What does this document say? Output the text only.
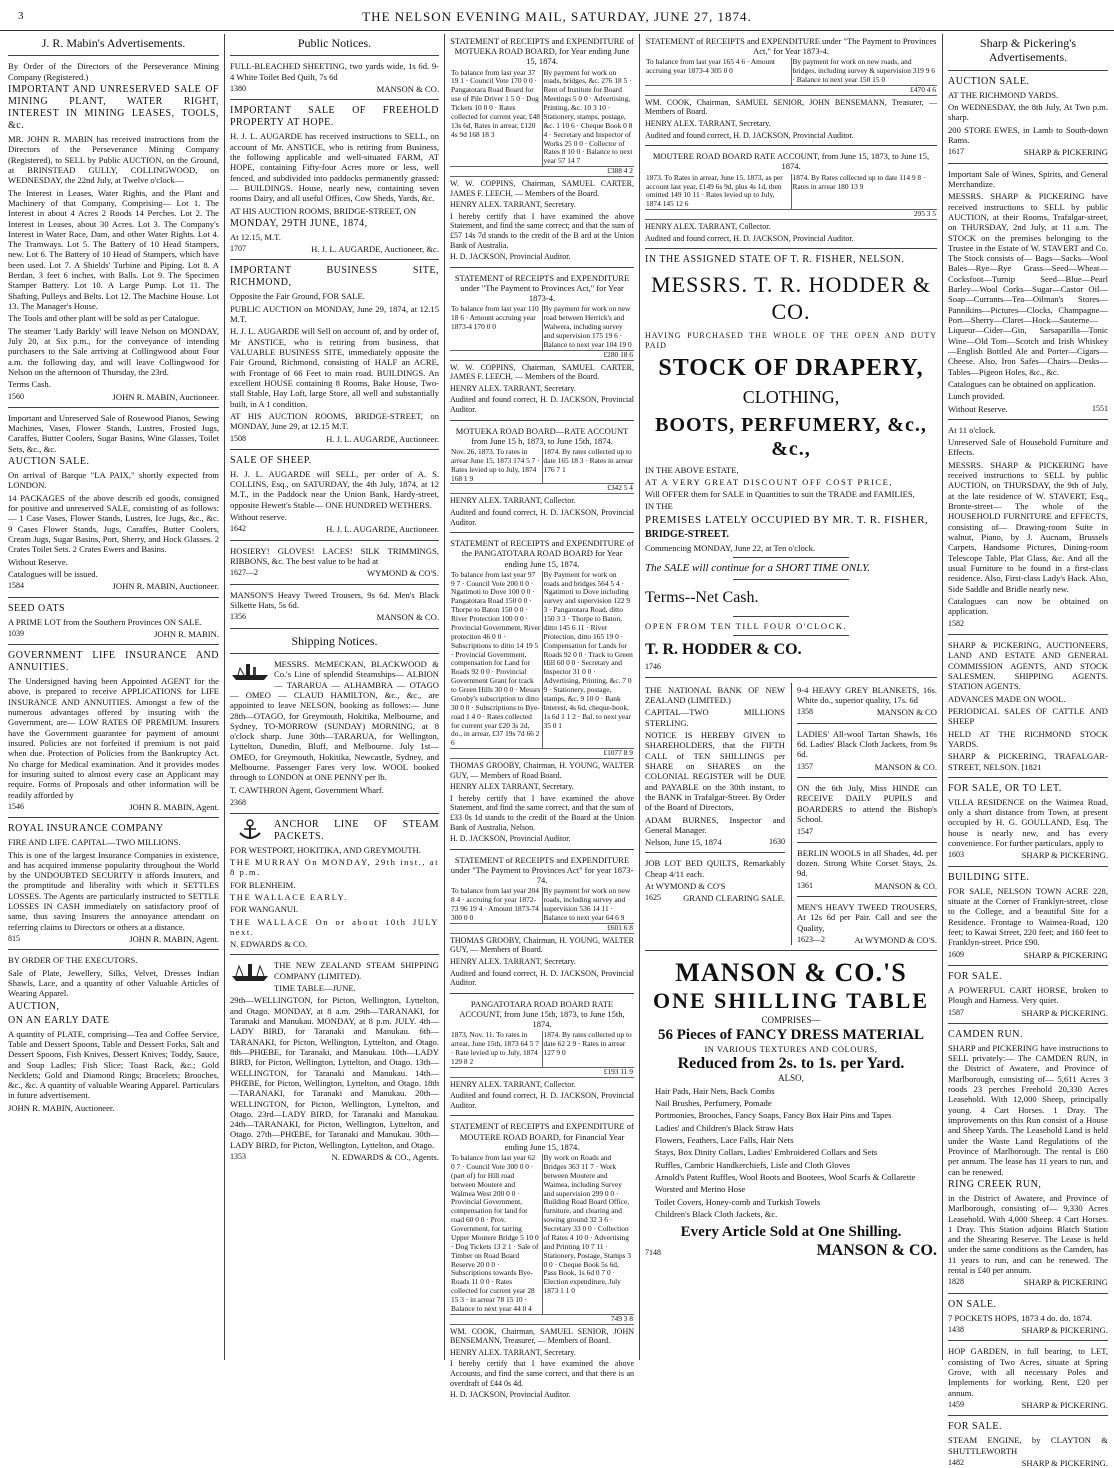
3	THE NELSON EVENING MAIL, SATURDAY, JUNE 27, 1874.
J. R. Mabin's Advertisements.

By Order of the Directors of the Perseverance Mining Company (Registered.)

IMPORTANT AND UNRESERVED SALE OF MINING PLANT, WATER RIGHT, INTEREST IN MINING LEASES, TOOLS, &c.

MR. JOHN R. MABIN has received instructions from the Directors of the Perseverance Mining Company (Registered), to SELL by Public AUCTION, on the Ground, at BRINSTEAD GULLY, COLLINGWOOD, on WEDNESDAY, the 22nd July, at Twelve o'clock—

The Interest in Leases, Water Rights, and the Plant and Machinery of that Company, Comprising— Lot 1. The Interest in about 4 Acres 2 Roods 14 Perches. Lot 2. The Interest in Leases, about 30 Acres. Lot 3. The Company's Interest in Water Race, Dam, and other Water Rights. Lot 4. The Tramways. Lot 5. The Battery of 10 Head Stampers, new. Lot 6. The Battery of 10 Head of Stampers, which have been used. Lot 7. A Shields' Turbine and Piping. Lot 8. A Berdan, 3 feet 6 inches, with Balls. Lot 9. The Specimen Stamper Battery. Lot 10. A Large Pump. Lot 11. The Shafting, Pulleys and Belts. Lot 12. The Machine House. Lot 13. The Manager's House.

The Tools and other plant will be sold as per Catalogue.

The steamer 'Lady Barkly' will leave Nelson on MONDAY, July 20, at Six p.m., for the conveyance of intending purchasers to the Sale arriving at Collingwood about Four a.m. the following day, and will leave Collingwood for Nelson on the afternoon of Thursday, the 23rd.

Terms Cash.

1560	JOHN R. MABIN, Auctioneer.

Important and Unreserved Sale of Rosewood Pianos, Sewing Machines, Vases, Flower Stands, Lustres, Frosted Jugs, Caraffes, Butter Coolers, Sugar Basins, Wine Glasses, Toilet Sets, &c., &c.

AUCTION SALE.

On arrival of Barque "LA PAIX," shortly expected from LONDON.

14 PACKAGES of the above describ ed goods, consigned for positive and unreserved SALE, consisting of as follows:— 1 Case Vases, Flower Stands, Lustres, Ice Jugs, &c., &c. 9 Cases Flower Stands, Jugs, Caraffes, Butter Coolers, Cream Jugs, Sugar Basins, Port, Sherry, and Hock Glasses. 2 Crates Toilet Sets. 2 Crates Ewers and Basins.

Without Reserve.

Catalogues will be issued.

1584	JOHN R. MABIN, Auctioneer.

SEED OATS

A PRIME LOT from the Southern Provinces ON SALE.

1039	JOHN R. MABIN.

GOVERNMENT LIFE INSURANCE AND ANNUITIES.

The Undersigned having been Appointed AGENT for the above, is prepared to receive APPLICATIONS for LIFE INSURANCE AND ANNUITIES. Amongst a few of the numerous advantages offered by insuring with the Government, are— LOW RATES OF PREMIUM. Insurers have the Government guarantee for payment of amount insured. Policies are not forfeited if premium is not paid when due. Protection of Policies from the Bankruptcy Act. No charge for Medical examination. And it provides modes for insuring suited to almost every case an Applicant may require. Forms of Proposals and other information will be readily afforded by

1546	JOHN R. MABIN, Agent.

ROYAL INSURANCE COMPANY

FIRE AND LIFE. CAPITAL—TWO MILLIONS.

This is one of the largest Insurance Companies in existence, and has acquired immense popularity throughout the World by the UNDOUBTED SECURITY it affords Insurers, and the promptitude and liberality with which it SETTLES LOSSES. The Agents are particularly instructed to SETTLE LOSSES IN CASH immediately on satisfactory proof of same, thus saving Insurers the annoyance attendant on referring claims to Directors or others at a distance.

815	JOHN R. MABIN, Agent.

BY ORDER OF THE EXECUTORS.

Sale of Plate, Jewellery, Silks, Velvet, Dresses Indian Shawls, Lace, and a quantity of other Valuable Articles of Wearing Apparel.

AUCTION,

ON AN EARLY DATE

A quantity of PLATE, comprising—Tea and Coffee Service, Table and Dessert Spoons, Table and Dessert Forks, Salt and Dessert Spoons, Fish Knives, Dessert Knives; Toddy, Sauce, and Soup Ladles; Fish Slice; Toast Rack, &c.; Gold Necklets; Gold and Diamond Rings; Bracelets; Brooches, &c., &c. A quantity of valuable Wearing Apparel. Particulars in future advertisement.

JOHN R. MABIN, Auctioneer.

Public Notices.

FULL-BLEACHED SHEETING, two yards wide, 1s 6d. 9-4 White Toilet Bed Quilt, 7s 6d

1380	MANSON & CO.

IMPORTANT SALE OF FREEHOLD PROPERTY AT HOPE.

H. J. L. AUGARDE has received instructions to SELL, on account of Mr. ANSTICE, who is retiring from Business, the following applicable and well-situated FARM, AT HOPE, containing Fifty-four Acres more or less, well fenced, and subdivided into paddocks permanently grassed:— BUILDINGS. House, nearly new, containing seven rooms Dairy, and all useful Offices, Cow Sheds, Yards, &c.

AT HIS AUCTION ROOMS, BRIDGE-STREET, ON

MONDAY, 29TH JUNE, 1874,

At 12.15, M.T.

1707	H. J. L. AUGARDE, Auctioneer, &c.

IMPORTANT BUSINESS SITE, RICHMOND,

Opposite the Fair Ground, FOR SALE.

PUBLIC AUCTION on MONDAY, June 29, 1874, at 12.15 M.T.

H. J. L. AUGARDE will Sell on account of, and by order of, Mr ANSTICE, who is retiring from business, that VALUABLE BUSINESS SITE, immediately opposite the Fair Ground, Richmond, consisting of HALF an ACRE, with Frontage of 66 Feet to main road. BUILDINGS. An excellent HOUSE containing 8 Rooms, Bake House, Two-stall Stable, Hay Loft, large Store, all well and substantially built, in A 1 condition.

AT HIS AUCTION ROOMS, BRIDGE-STREET, on MONDAY, June 29, at 12.15 M.T.

1508	H. J. L. AUGARDE, Auctioneer.

SALE OF SHEEP.

H. J. L. AUGARDE will SELL, per order of A. S. COLLINS, Esq., on SATURDAY, the 4th July, 1874, at 12 M.T., in the Paddock near the Union Bank, Hardy-street, opposite Hewett's Stable— ONE HUNDRED WETHERS.

Without reserve.

1642	H. J. L. AUGARDE, Auctioneer.

HOSIERY! GLOVES! LACES! SILK TRIMMINGS, RIBBONS, &c. The best value to be had at

1627—2	WYMOND & CO'S.

MANSON'S Heavy Tweed Trousers, 9s 6d. Men's Black Silkette Hats, 5s 6d.

1356	MANSON & CO.
Shipping Notices.

MESSRS. McMECKAN, BLACKWOOD & Co.'s Line of splendid Steamships— ALBION — TARARUA — ALHAMBRA — OTAGO — OMEO — CLAUD HAMILTON, &c., &c., are appointed to leave NELSON, booking as follows:— June 28th—OTAGO, for Greymouth, Hokitika, Melbourne, and Sydney, TO-MORROW (SUNDAY) MORNING, at 8 o'clock sharp. June 30th—TARARUA, for Wellington, Lyttelton, Dunedin, Bluff, and Melbourne. July 1st—OMEO, for Greymouth, Hokitika, Newcastle, Sydney, and Melbourne. Passenger Fares very low. WOOL booked through to LONDON at ONE PENNY per lb.

T. CAWTHRON Agent, Government Wharf.

2368

ANCHOR LINE OF STEAM PACKETS.

FOR WESTPORT, HOKITIKA, AND GREYMOUTH.

THE MURRAY On MONDAY, 29th inst., at 8 p.m.

FOR BLENHEIM.

THE WALLACE EARLY.

FOR WANGANUI.

THE WALLACE On or about 10th JULY next.

N. EDWARDS & CO.

THE NEW ZEALAND STEAM SHIPPING COMPANY (LIMITED).

TIME TABLE—JUNE.

29th—WELLINGTON, for Picton, Wellington, Lyttelton, and Otago. MONDAY, at 8 a.m. 29th—TARANAKI, for Taranaki and Manukau. MONDAY, at 8 p.m. JULY. 4th—LADY BIRD, for Taranaki and Manukau. 6th—TARANAKI, for Picton, Wellington, Lyttelton, and Otago. 8th—PHŒBE, for Taranaki, and Manukau. 10th—LADY BIRD, for Picton, Wellington, Lyttelton, and Otago. 13th—WELLINGTON, for Taranaki and Manukau. 14th—PHŒBE, for Picton, Wellington, Lyttelton, and Otago. 18th—TARANAKI, for Taranaki and Manukau. 20th—WELLINGTON, for Picton, Wellington, Lyttelton, and Otago. 23rd—LADY BIRD, for Taranaki and Manukau. 24th—TARANAKI, for Picton, Wellington, Lyttelton, and Otago. 27th—PHŒBE, for Taranaki and Manukau. 30th—LADY BIRD, for Picton, Wellington, Lyttelton, and Otago.

1353	N. EDWARDS & CO., Agents.
STATEMENT of RECEIPTS and EXPENDITURE of MOTUEKA ROAD BOARD, for Year ending June 15, 1874.
To balance from last year 37 19 1 · Council Vote 170 0 0 · Pangatotara Road Board for use of Pile Driver 1 5 0 · Dog Tickets 10 0 0 · Rates collected for current year, £48 13s 6d, Rates in arrear, £120 4s 9d 168 18 3	By payment for work on roads, bridges, &c. 276 18 5 · Rent of Institute for Board Meetings 5 0 0 · Advertising, Printing, &c. 10 3 10 · Stationery, stamps, postage, &c. 1 10 6 · Cheque Book 0 8 4 · Secretary and Inspector of Works 25 0 0 · Collector of Rates 8 10 0 · Balance to next year 57 14 7
£388 4 2

W. W. COPPINS, Chairman, SAMUEL CARTER, JAMES F. LEECH, — Members of the Board.

HENRY ALEX. TARRANT, Secretary.

I hereby certify that I have examined the above Statement, and find the same correct; and that the sum of £57 14s 7d stands to the credit of the B ard at the Union Bank of Australia.

H. D. JACKSON, Provincial Auditor.

STATEMENT of RECEIPTS and EXPENDITURE under "The Payment to Provinces Act," for Year 1873-4.
To balance from last year 110 18 6 · Amount accruing year 1873-4 170 0 0	By payment for work on new road between Herrick's and Walwera, including survey and supervision 175 19 6 · Balance to next year 104 19 0
£280 18 6

W. W. COPPINS, Chairman, SAMUEL CARTER, JAMES F. LEECH, — Members of the Board.

HENRY ALEX. TARRANT, Secretary.

Audited and found correct, H. D. JACKSON, Provincial Auditor.

MOTUEKA ROAD BOARD—RATE ACCOUNT from June 15 h, 1873, to June 15th, 1874.
Nov. 26, 1873. To rates in arrear June 15, 1873 174 5 7 · Rates levied up to July, 1874 168 1 9	1874. By rates collected up to date 165 18 3 · Rates in arrear 176 7 1
£342 5 4

HENRY ALEX. TARRANT, Collector.

Audited and found correct, H. D. JACKSON, Provincial Auditor.

STATEMENT of RECEIPTS and EXPENDITURE of the PANGATOTARA ROAD BOARD for Year ending June 15, 1874.
To balance from last year 97 9 7 · Council Vote 200 0 0 · Ngatimoti to Dove 100 0 0 · Pangatotara Road 150 0 0 · Thorpe to Baton 150 0 0 · River Protection 100 0 0 · Provincial Government, River protection 46 0 0 · Subscriptions to ditto 14 19 5 · Provincial Government, compensation for Land for Roads 92 0 0 · Provincial Government Grant for track to Green Hills 30 0 0 · Messrs Grooby's subscription to ditto 30 0 0 · Subscriptions to Bye-road 1 4 0 · Rates collected for current year £20 3s 2d, do., in arrear, £37 19s 7d 66 2 6	By Payment for work on roads and bridges 564 5 4 · Ngatimoti to Dove including survey and supervision 122 9 3 · Pangatotara Road, ditto 150 3 3 · Thorpe to Baton, ditto 145 6 11 · River Protection, ditto 165 19 0 · Compensation for Lands for Roads 92 0 0 · Track to Green Hill 60 0 0 · Secretary and Inspector 31 0 0 · Advertising, Printing, &c. 7 0 9 · Stationery, postage, stamps, &c. 9 10 0 · Bank Interest, 4s 6d, cheque-book, 1s 6d 1 1 2 · Bal. to next year 35 0 1
£1077 8 9

THOMAS GROOBY, Chairman, H. YOUNG, WALTER GUY, — Members of Road Board.

HENRY ALEX TARRANT, Secretary.

I hereby certify that I have examined the above Statement, and find the same correct, and that the sum of £33 0s 1d stands to the credit of the Board at the Union Bank of Australia, Nelson.

H. D. JACKSON, Provincial Auditor.

STATEMENT of RECEIPTS and EXPENDITURE under "The Payment to Provinces Act" for year 1873-74.
To balance from last year 204 8 4 · accruing for year 1872-73 96 19 4 · Amount 1873-74 300 0 0	By payment for work on new roads, including survey and supervision 536 14 11 · Balance to next year 64 6 9
£601 6 8

THOMAS GROOBY, Chairman, H. YOUNG, WALTER GUY, — Members of Board.

HENRY ALEX. TARRANT, Secretary.

Audited and found correct, H. D. JACKSON, Provincial Auditor.

PANGATOTARA ROAD BOARD RATE ACCOUNT, from June 15th, 1873, to June 15th, 1874.
1873, Nov. 11. To rates in arrear, June 15th, 1873 64 5 7 · Rate levied up to July, 1874 129 8 2	1874. By rates collected up to date 62 2 9 · Rates in arrear 127 9 0
£193 11 9

HENRY ALEX. TARRANT, Collector.

Audited and found correct, H. D. JACKSON, Provincial Auditor.

STATEMENT of RECEIPTS and EXPENDITURE of MOUTERE ROAD BOARD, for Financial Year ending June 15, 1874.
To balance from last year 62 0 7 · Council Vote 300 0 0 · (part of) for Hill road between Moutere and Walmea West 200 0 0 · Provincial Government, compensation for land for road 60 0 0 · Prov. Government, for tarring Upper Moutere Bridge 5 10 0 · Dog Tickets 13 2 1 · Sale of Timber on Road Board Reserve 20 0 0 · Subscriptions towards Bye-Roads 11 0 0 · Rates collected for current year 28 15 3 · in arrear 78 15 10 · Balance to next year 44 0 4	By work on Roads and Bridges 363 11 7 · Work between Moutere and Waimea, including Survey and supervision 299 0 0 · Building Road Board Office, furniture, and clearing and sowing ground 32 3 6 · Secretary 33 0 0 · Collection of Rates 4 10 0 · Advertising and Printing 10 7 11 · Stationery, Postage, Stamps 3 0 0 · Cheque Book 5s 6d, Pass Book, 1s 6d 0 7 0 · Election expenditure, July 1873 1 1 0
749 3 8

WM. COOK, Chairman, SAMUEL SENIOR, JOHN BENSEMANN, Treasurer, — Members of Board.

HENRY ALEX. TARRANT, Secretary.

I hereby certify that I have examined the above Accounts, and find the same correct, and that there is an overdraft of £44 0s 4d.

H. D. JACKSON, Provincial Auditor.

STATEMENT of RECEIPTS and EXPENDITURE under "The Payment to Provinces Act," for Year 1873-4.
To balance from last year 165 4 6 · Amount accruing year 1873-4 305 0 0	By payment for work on new roads, and bridges, including survey & supervision 319 9 6 · Balance to next year 150 15 0
£470 4 6

WM. COOK, Chairman, SAMUEL SENIOR, JOHN BENSEMANN, Treasurer, — Members of Board.

HENRY ALEX. TARRANT, Secretary.

Audited and found correct, H. D. JACKSON, Provincial Auditor.

MOUTERE ROAD BOARD RATE ACCOUNT, from June 15, 1873, to June 15, 1874.
1873. To Rates in arrear, June 15, 1873, as per account last year, £149 6s 9d, plus 4s 1d, then omitted 149 10 11 · Rates levied up to July, 1874 145 12 6	1874. By Rates collected up to date 114 9 8 · Rates in arrear 180 13 9
295 3 5

HENRY ALEX. TARRANT, Collector.

Audited and found correct, H. D. JACKSON, Provincial Auditor.

IN THE ASSIGNED STATE OF T. R. FISHER, NELSON.

MESSRS. T. R. HODDER & CO.

HAVING PURCHASED THE WHOLE OF THE OPEN AND DUTY PAID

STOCK OF DRAPERY,
CLOTHING,
BOOTS, PERFUMERY, &c., &c.,

IN THE ABOVE ESTATE,

AT A VERY GREAT DISCOUNT OFF COST PRICE,

Will OFFER them for SALE in Quantities to suit the TRADE and FAMILIES,

IN THE

PREMISES LATELY OCCUPIED BY MR. T. R. FISHER,

BRIDGE-STREET.

Commencing MONDAY, June 22, at Ten o'clock.

The SALE will continue for a SHORT TIME ONLY.

Terms--Net Cash.

OPEN FROM TEN TILL FOUR O'CLOCK.

T. R. HODDER & CO.

1746

THE NATIONAL BANK OF NEW ZEALAND (LIMITED.)

CAPITAL—TWO MILLIONS STERLING.

NOTICE IS HEREBY GIVEN to SHAREHOLDERS, that the FIFTH CALL of TEN SHILLINGS per SHARE on SHARES on the COLONIAL REGISTER will be DUE and PAYABLE on the 30th instant, to the BANK in Trafalgar-Street. By Order of the Board of Directors,

ADAM BURNES, Inspector and General Manager.

Nelson, June 15, 1874	1630

JOB LOT BED QUILTS, Remarkably Cheap 4/11 each.

At WYMOND & CO'S

1625	GRAND CLEARING SALE.

9-4 HEAVY GREY BLANKETS, 16s. White do., superior quality, 17s. 6d

1358	MANSON & CO

LADIES' All-wool Tartan Shawls, 16s 6d. Ladies' Black Cloth Jackets, from 9s 6d.

1357	MANSON & CO.

ON the 6th July, Miss HINDE can RECEIVE DAILY PUPILS and BOARDERS to attend the Bishop's School.

1547

BERLIN WOOLS in all Shades, 4d. per dozen. Strong White Corset Stays, 2s. 9d.

1361	MANSON & CO.

MEN'S HEAVY TWEED TROUSERS, At 12s 6d per Pair. Call and see the Quality,

1623—2	At WYMOND & CO'S.
MANSON & CO.'S
ONE SHILLING TABLE
COMPRISES—
56 Pieces of FANCY DRESS MATERIAL
IN VARIOUS TEXTURES AND COLOURS,
Reduced from 2s. to 1s. per Yard.
ALSO,
Hair Pads, Hair Nets, Back Combs
Nail Brushes, Perfumery, Pomade
Portmonies, Brooches, Fancy Soaps, Fancy Box Hair Pins and Tapes
Ladies' and Children's Black Straw Hats
Flowers, Feathers, Lace Falls, Hair Nets
Stays, Box Dinity Collars, Ladies' Embroidered Collars and Sets
Ruffles, Cambric Handkerchiefs, Lisle and Cloth Gloves
Arnold's Patent Ruffles, Wool Boots and Bootees, Wool Scarfs & Collarette
Worsted and Merino Hose
Toilet Covers, Honey-comb and Turkish Towels
Children's Black Cloth Jackets, &c.
Every Article Sold at One Shilling.
7148	MANSON & CO.
Sharp & Pickering's Advertisements.

AUCTION SALE.

AT THE RICHMOND YARDS.

On WEDNESDAY, the 8th July, At Two p.m. sharp.

200 STORE EWES, in Lamb to South-down Rams.

1617	SHARP & PICKERING

Important Sale of Wines, Spirits, and General Merchandize.

MESSRS. SHARP & PICKERING have received instructions to SELL by public AUCTION, at their Rooms, Trafalgar-street, on THURSDAY, 2nd July, at 11 a.m. The STOCK on the premises belonging to the Trustee in the Estate of W. STAVERT and Co. The Stock consists of— Bags—Sacks—Wool Bales—Rye—Rye Grass—Seed—Wheat—Cocksfoot—Turnip Seed—Blue—Pearl Barley—Wool Corks—Sugar—Castor Oil—Soap—Currants—Tea—Oilman's Stores—Pannikins—Pictures—Clocks, Champagne—Port—Sherry—Claret—Hock—Sauterne—Liqueur—Cider—Gin, Sarsaparilla—Tonic Wine—Old Tom—Scotch and Irish Whiskey—English Bottled Ale and Porter—Cigars—Cheese. Also, Iron Safes—Chairs—Desks—Tables—Pigeon Holes, &c., &c.

Catalogues can be obtained on application.

Lunch provided.

Without Reserve.	1551

At 11 o'clock.

Unreserved Sale of Household Furniture and Effects.

MESSRS. SHARP & PICKERING have received instructions to SELL by public AUCTION, on THURSDAY, the 9th of July, at the late residence of W. STAVERT, Esq., Bronte-street— The whole of the HOUSEHOLD FURNITURE and EFFECTS, consisting of— Drawing-room Suite in walnut, Piano, by J. Aucnam, Brussels Carpets, Handsome Pictures, Dining-room Telescope Table, Plat Glass, &c. And all the usual Furniture to be found in a first-class residence. Also, First-class Lady's Hack. Also, Side Saddle and Bridle nearly new.

Catalogues can now be obtained on application.

1582

SHARP & PICKERING, AUCTIONEERS, LAND AND ESTATE AND GENERAL COMMISSION AGENTS, AND STOCK SALESMEN. SHIPPING AGENTS. STATION AGENTS.

ADVANCES MADE ON WOOL.

PERIODICAL SALES OF CATTLE AND SHEEP

HELD AT THE RICHMOND STOCK YARDS.

SHARP & PICKERING, TRAFALGAR-STREET, NELSON. [1821

FOR SALE, OR TO LET.

VILLA RESIDENCE on the Waimea Road, only a short distance from Town, at present occupied by H. G. GOULLAND, Esq. The house is nearly new, and has every convenience. For further particulars, apply to

1603	SHARP & PICKERING.

BUILDING SITE.

FOR SALE, NELSON TOWN ACRE 228, situate at the Corner of Franklyn-street, close to the College, and a beautiful Site for a Residence. Frontage to Waimea-Road, 120 feet; to Kawai Street, 220 feet; and 160 feet to Franklyn-street. Price £90.

1609	SHARP & PICKERING

FOR SALE.

A POWERFUL CART HORSE, broken to Plough and Harness. Very quiet.

1587	SHARP & PICKERING.

CAMDEN RUN.

SHARP and PICKERING have instructions to SELL privately:— The CAMDEN RUN, in the District of Awatere, and Province of Marlborough, consisting of— 5,611 Acres 3 roods 23 perches Freehold 20,330 Acres Leasehold. With 12,000 Sheep, principally young. 4 Cart Horses. 1 Dray. The improvements on this Run consist of a House and Sheep Yards. The Leasehold Land is held under the Waste Land Regulations of the Province of Marlborough. The rental is £60 per annum. The lease has 11 years to run, and can be renewed.

RING CREEK RUN,

in the District of Awatere, and Province of Marlborough, consisting of— 9,330 Acres Leasehold. With 4,000 Sheep. 4 Cart Horses. 1 Dray. This Station adjoins Blatch Station and the Shearing Reserve. The Lease is held under the same conditions as the Camden, has 11 years to run, and can be renewed. The rental is £40 per annum.

1828	SHARP & PICKERING

ON SALE.

7 POCKETS HOPS, 1873 4 do. do. 1874.

1438	SHARP & PICKERING.

HOP GARDEN, in full bearing, to LET, consisting of Two Acres, situate at Spring Grove, with all necessary Poles and Implements for working. Rent, £20 per annum.

1459	SHARP & PICKERING.

FOR SALE.

STEAM ENGINE, by CLAYTON & SHUTTLEWORTH

1482	SHARP & PICKERING.
